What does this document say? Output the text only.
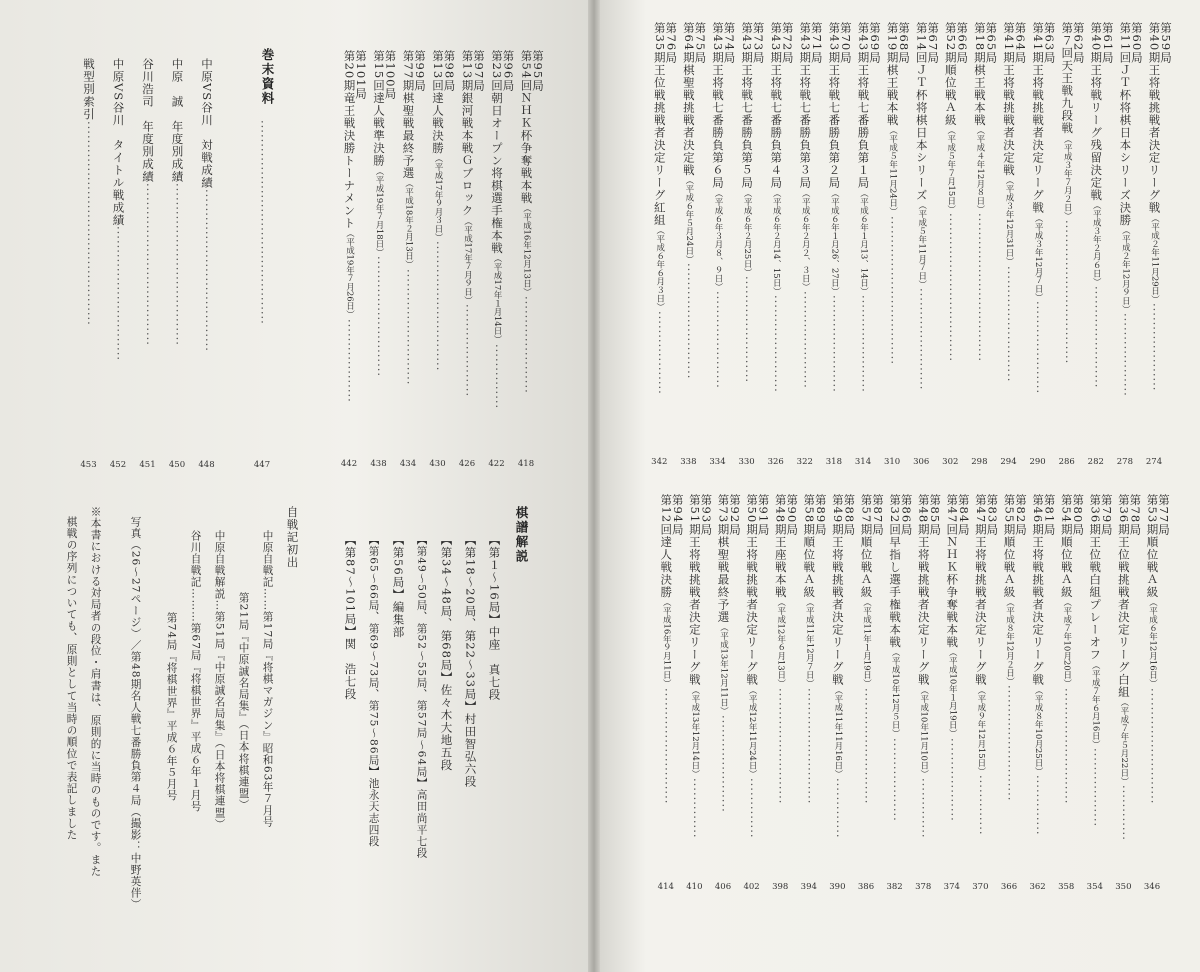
第59局
第40期王将戦挑戦者決定リーグ戦（平成２年11月29日）···················
274
第60局
第11回ＪＴ杯将棋日本シリーズ決勝（平成２年12月９日）··················
278
第61局
第40期王将戦リーグ残留決定戦（平成３年２月６日）······················
282
第62局
第７回天王戦九段戦（平成３年７月２日）·······························
286
第63局
第41期王将戦挑戦者決定リーグ戦（平成３年12月７日）····················
290
第64局
第41期王将戦挑戦者決定戦（平成３年12月31日）·························
294
第65局
第18期棋王戦本戦（平成４年12月８日）································
298
第66局
第52期順位戦Ａ級（平成５年７月15日）································
302
第67局
第14回ＪＴ杯将棋日本シリーズ（平成５年11月７日）······················
306
第68局
第19期棋王戦本戦（平成５年11月24日）································
310
第69局
第43期王将戦七番勝負第１局（平成６年１月13、14日）·····················
314
第70局
第43期王将戦七番勝負第２局（平成６年１月26、27日）·····················
318
第71局
第43期王将戦七番勝負第３局（平成６年２月２、３日）·····················
322
第72局
第43期王将戦七番勝負第４局（平成６年２月14、15日）·····················
326
第73局
第43期王将戦七番勝負第５局（平成６年２月25日）·······················
330
第74局
第43期王将戦七番勝負第６局（平成６年３月８、９日）·····················
334
第75局
第64期棋聖戦挑戦者決定戦（平成６年５月24日）·························
338
第76局
第35期王位戦挑戦者決定リーグ紅組（平成６年６月３日）··················
342
第77局
第53期順位戦Ａ級（平成６年12月16日）·························
346
第78局
第36期王位戦挑戦者決定リーグ白組（平成７年５月22日）············
350
第79局
第36期王位戦白組プレーオフ（平成７年６月16日）·················
354
第80局
第54期順位戦Ａ級（平成７年10月20日）·························
358
第81局
第46期王将戦挑戦者決定リーグ戦（平成８年10月25日）·············
362
第82局
第55期順位戦Ａ級（平成８年12月２日）·························
366
第83局
第47期王将戦挑戦者決定リーグ戦（平成９年12月15日）·············
370
第84局
第47回ＮＨＫ杯争奪戦本戦（平成10年１月19日）··················
374
第85局
第48期王将戦挑戦者決定リーグ戦（平成10年11月10日）·············
378
第86局
第32回早指し選手権戦本戦（平成10年12月５日）··················
382
第87局
第57期順位戦Ａ級（平成11年１月19日）·························
386
第88局
第49期王将戦挑戦者決定リーグ戦（平成11年11月16日）·············
390
第89局
第58期順位戦Ａ級（平成11年12月７日）·························
394
第90局
第48期王座戦本戦（平成12年６月13日）·························
398
第91局
第50期王将戦挑戦者決定リーグ戦（平成12年11月24日）·············
402
第92局
第73期棋聖戦最終予選（平成13年12月11日）·····················
406
第93局
第51期王将戦挑戦者決定リーグ戦（平成13年12月14日）·············
410
第94局
第12回達人戦決勝（平成16年９月11日）·························
414
第95局
第54回ＮＨＫ杯争奪戦本戦（平成16年12月13日）·····················
418
第96局
第23回朝日オープン将棋選手権本戦（平成17年１月14日）··············
422
第97局
第13期銀河戦本戦Ｇブロック（平成17年７月９日）····················
426
第98局
第13回達人戦決勝（平成17年９月３日）····························
430
第99局
第77期棋聖戦最終予選（平成18年２月13日）·························
434
第100局
第15回達人戦準決勝（平成19年７月18日）··························
438
第101局
第20期竜王戦決勝トーナメント（平成19年７月26日）··················
442
············································
447
中原VS谷川　対戦成績···································
448
中原　誠　年度別成績···································
450
谷川浩司　年度別成績···································
451
中原VS谷川　タイトル戦成績·····························
452
戦型別索引············································
453
巻末資料
棋譜解説
自戦記初出	【第１～16局】中座　真七段
【第18～20局、第22～33局】村田智弘六段
【第34～48局、第68局】佐々木大地五段
【第49～50局、第52～55局、第57局～64局】高田尚平七段
【第56局】編集部
【第65～66局、第69～73局、第75～86局】池永天志四段
【第87～101局】関　浩七段
中原自戦記……第17局『将棋マガジン』昭和63年７月号
第21局『中原誠名局集』（日本将棋連盟）
中原自戦解説…第51局『中原誠名局集』（日本将棋連盟）
谷川自戦記………第67局『将棋世界』平成６年１月号
第74局『将棋世界』平成６年５月号
写真（26～27ページ）／第48期名人戦七番勝負第４局（撮影：中野英伴）
※本書における対局者の段位・肩書は、原則的に当時のものです。また
棋戦の序列についても、原則として当時の順位で表記しました
